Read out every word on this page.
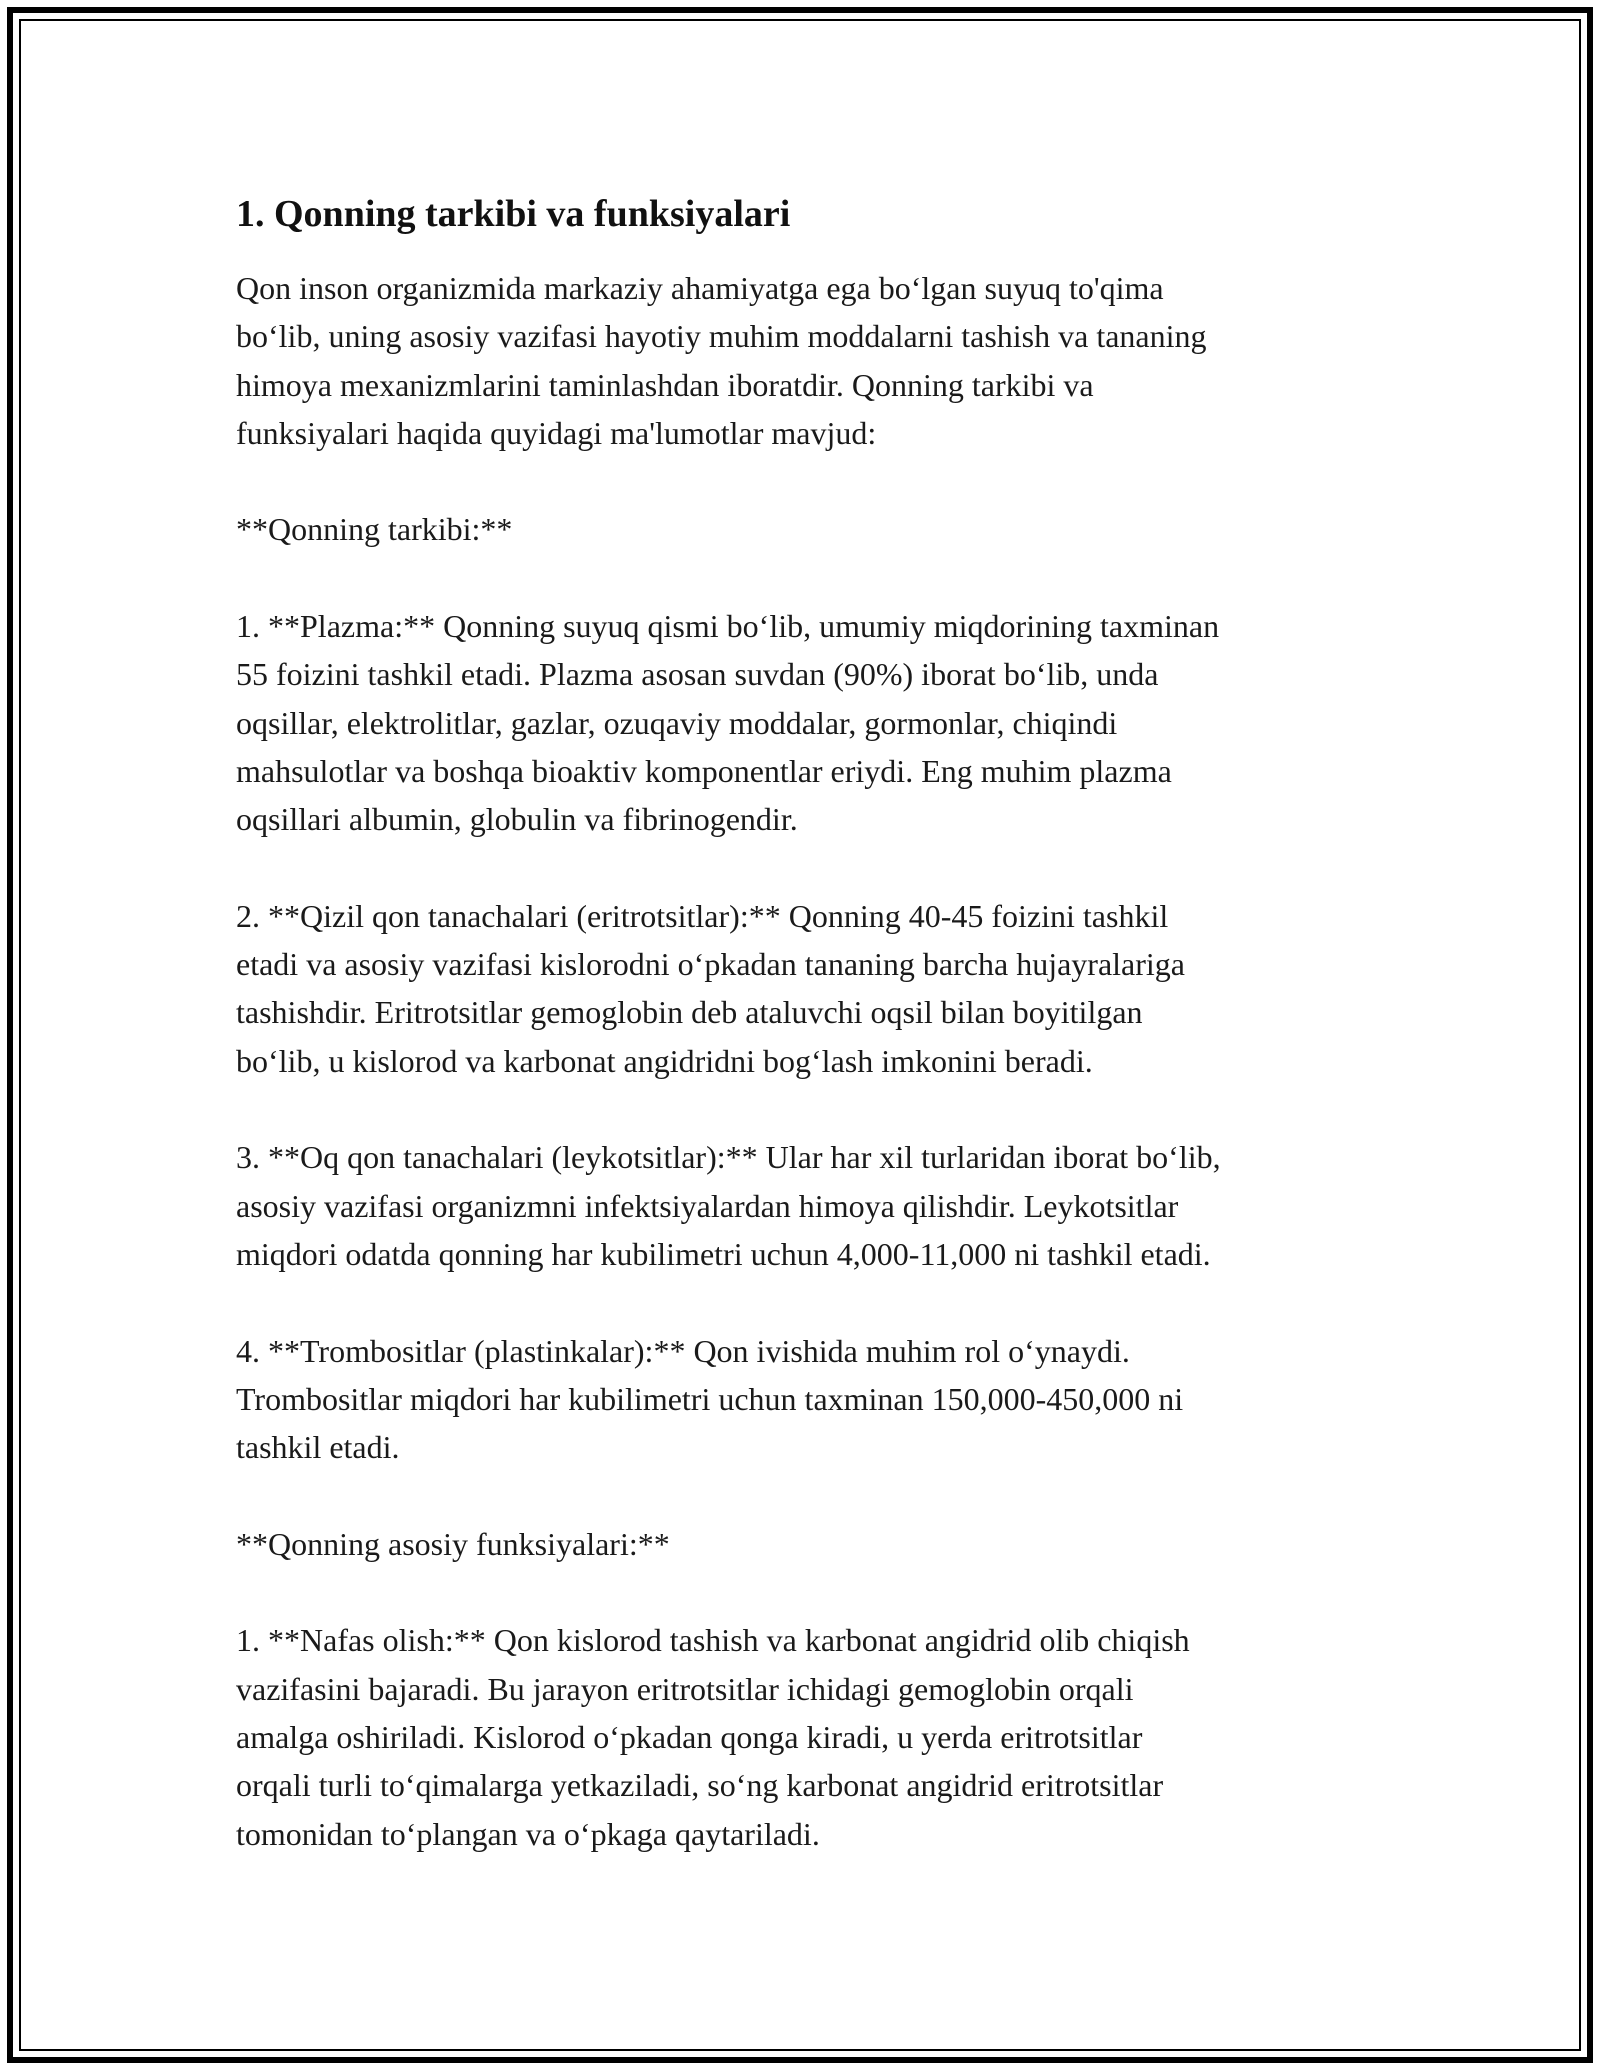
1. Qonning tarkibi va funksiyalari

Qon inson organizmida markaziy ahamiyatga ega bo‘lgan suyuq to'qima
bo‘lib, uning asosiy vazifasi hayotiy muhim moddalarni tashish va tananing
himoya mexanizmlarini taminlashdan iboratdir. Qonning tarkibi va
funksiyalari haqida quyidagi ma'lumotlar mavjud:

**Qonning tarkibi:**

1. **Plazma:** Qonning suyuq qismi bo‘lib, umumiy miqdorining taxminan
55 foizini tashkil etadi. Plazma asosan suvdan (90%) iborat bo‘lib, unda
oqsillar, elektrolitlar, gazlar, ozuqaviy moddalar, gormonlar, chiqindi
mahsulotlar va boshqa bioaktiv komponentlar eriydi. Eng muhim plazma
oqsillari albumin, globulin va fibrinogendir.

2. **Qizil qon tanachalari (eritrotsitlar):** Qonning 40-45 foizini tashkil
etadi va asosiy vazifasi kislorodni o‘pkadan tananing barcha hujayralariga
tashishdir. Eritrotsitlar gemoglobin deb ataluvchi oqsil bilan boyitilgan
bo‘lib, u kislorod va karbonat angidridni bog‘lash imkonini beradi.

3. **Oq qon tanachalari (leykotsitlar):** Ular har xil turlaridan iborat bo‘lib,
asosiy vazifasi organizmni infektsiyalardan himoya qilishdir. Leykotsitlar
miqdori odatda qonning har kubilimetri uchun 4,000-11,000 ni tashkil etadi.

4. **Trombositlar (plastinkalar):** Qon ivishida muhim rol o‘ynaydi.
Trombositlar miqdori har kubilimetri uchun taxminan 150,000-450,000 ni
tashkil etadi.

**Qonning asosiy funksiyalari:**

1. **Nafas olish:** Qon kislorod tashish va karbonat angidrid olib chiqish
vazifasini bajaradi. Bu jarayon eritrotsitlar ichidagi gemoglobin orqali
amalga oshiriladi. Kislorod o‘pkadan qonga kiradi, u yerda eritrotsitlar
orqali turli to‘qimalarga yetkaziladi, so‘ng karbonat angidrid eritrotsitlar
tomonidan to‘plangan va o‘pkaga qaytariladi.
